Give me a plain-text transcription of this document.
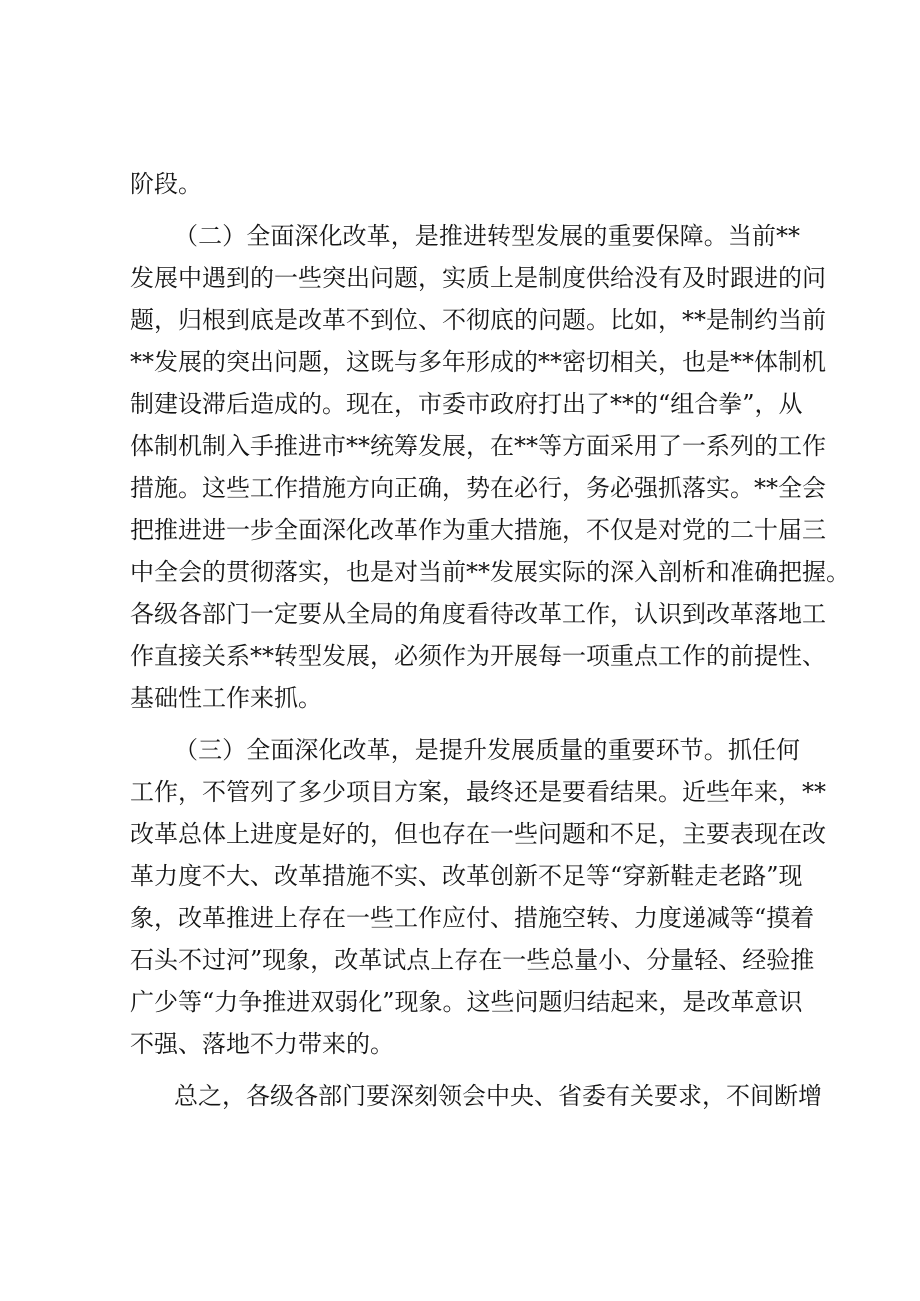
阶段。

（二）全面深化改革，是推进转型发展的重要保障。当前**

发展中遇到的一些突出问题，实质上是制度供给没有及时跟进的问

题，归根到底是改革不到位、不彻底的问题。比如，**是制约当前

**发展的突出问题，这既与多年形成的**密切相关，也是**体制机

制建设滞后造成的。现在，市委市政府打出了**的“组合拳”，从

体制机制入手推进市**统筹发展，在**等方面采用了一系列的工作

措施。这些工作措施方向正确，势在必行，务必强抓落实。**全会

把推进进一步全面深化改革作为重大措施，不仅是对党的二十届三

中全会的贯彻落实，也是对当前**发展实际的深入剖析和准确把握。

各级各部门一定要从全局的角度看待改革工作，认识到改革落地工

作直接关系**转型发展，必须作为开展每一项重点工作的前提性、

基础性工作来抓。

（三）全面深化改革，是提升发展质量的重要环节。抓任何

工作，不管列了多少项目方案，最终还是要看结果。近些年来，**

改革总体上进度是好的，但也存在一些问题和不足，主要表现在改

革力度不大、改革措施不实、改革创新不足等“穿新鞋走老路”现

象，改革推进上存在一些工作应付、措施空转、力度递减等“摸着

石头不过河”现象，改革试点上存在一些总量小、分量轻、经验推

广少等“力争推进双弱化”现象。这些问题归结起来，是改革意识

不强、落地不力带来的。

总之，各级各部门要深刻领会中央、省委有关要求，不间断增
